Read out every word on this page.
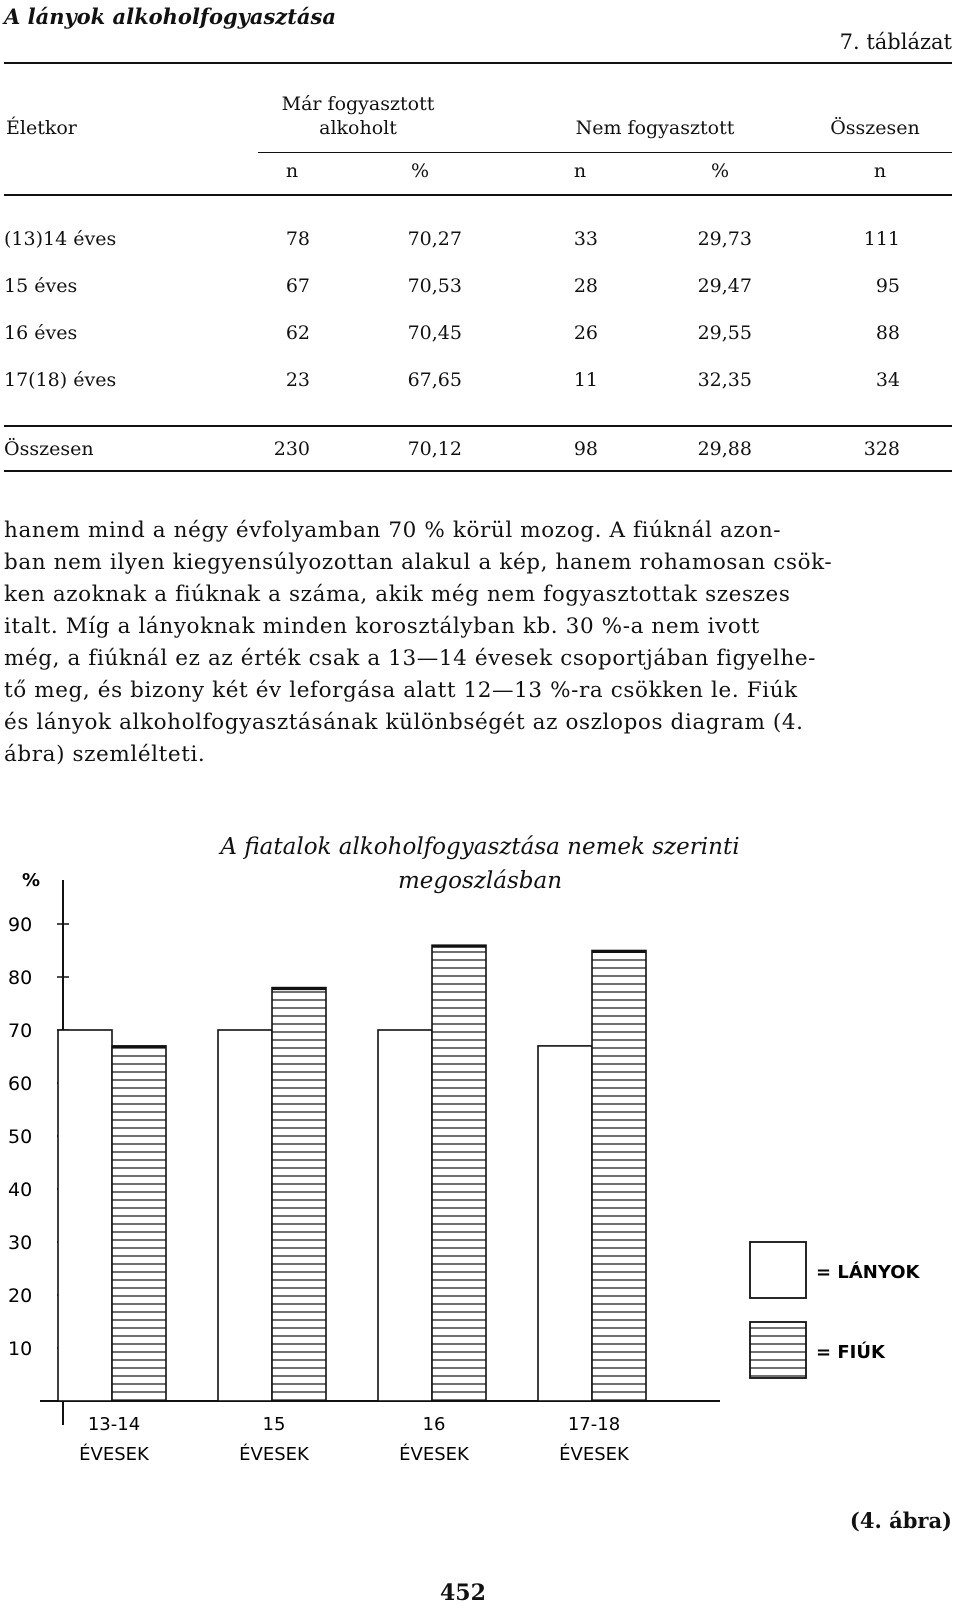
A lányok alkoholfogyasztása
7. táblázat
Életkor
Már fogyasztott alkoholt	Nem fogyasztott	Összesen
n	%	n	%	n
(13)14 éves	78	70,27	33	29,73	111
15 éves	67	70,53	28	29,47	95
16 éves	62	70,45	26	29,55	88
17(18) éves	23	67,65	11	32,35	34
Összesen	230	70,12	98	29,88	328
hanem mind a négy évfolyamban 70 % körül mozog. A fiúknál azon-
ban nem ilyen kiegyensúlyozottan alakul a kép, hanem rohamosan csök-
ken azoknak a fiúknak a száma, akik még nem fogyasztottak szeszes
italt. Míg a lányoknak minden korosztályban kb. 30 %-a nem ivott
még, a fiúknál ez az érték csak a 13—14 évesek csoportjában figyelhe-
tő meg, és bizony két év leforgása alatt 12—13 %-ra csökken le. Fiúk
és lányok alkoholfogyasztásának különbségét az oszlopos diagram (4.
ábra) szemlélteti.
A fiatalok alkoholfogyasztása nemek szerinti
megoszlásban
%
10
20
30
40
50
60
70
80
90
13-14
ÉVESEK
15
ÉVESEK
16
ÉVESEK
17-18
ÉVESEK
= LÁNYOK
= FIÚK
(4. ábra)
452
